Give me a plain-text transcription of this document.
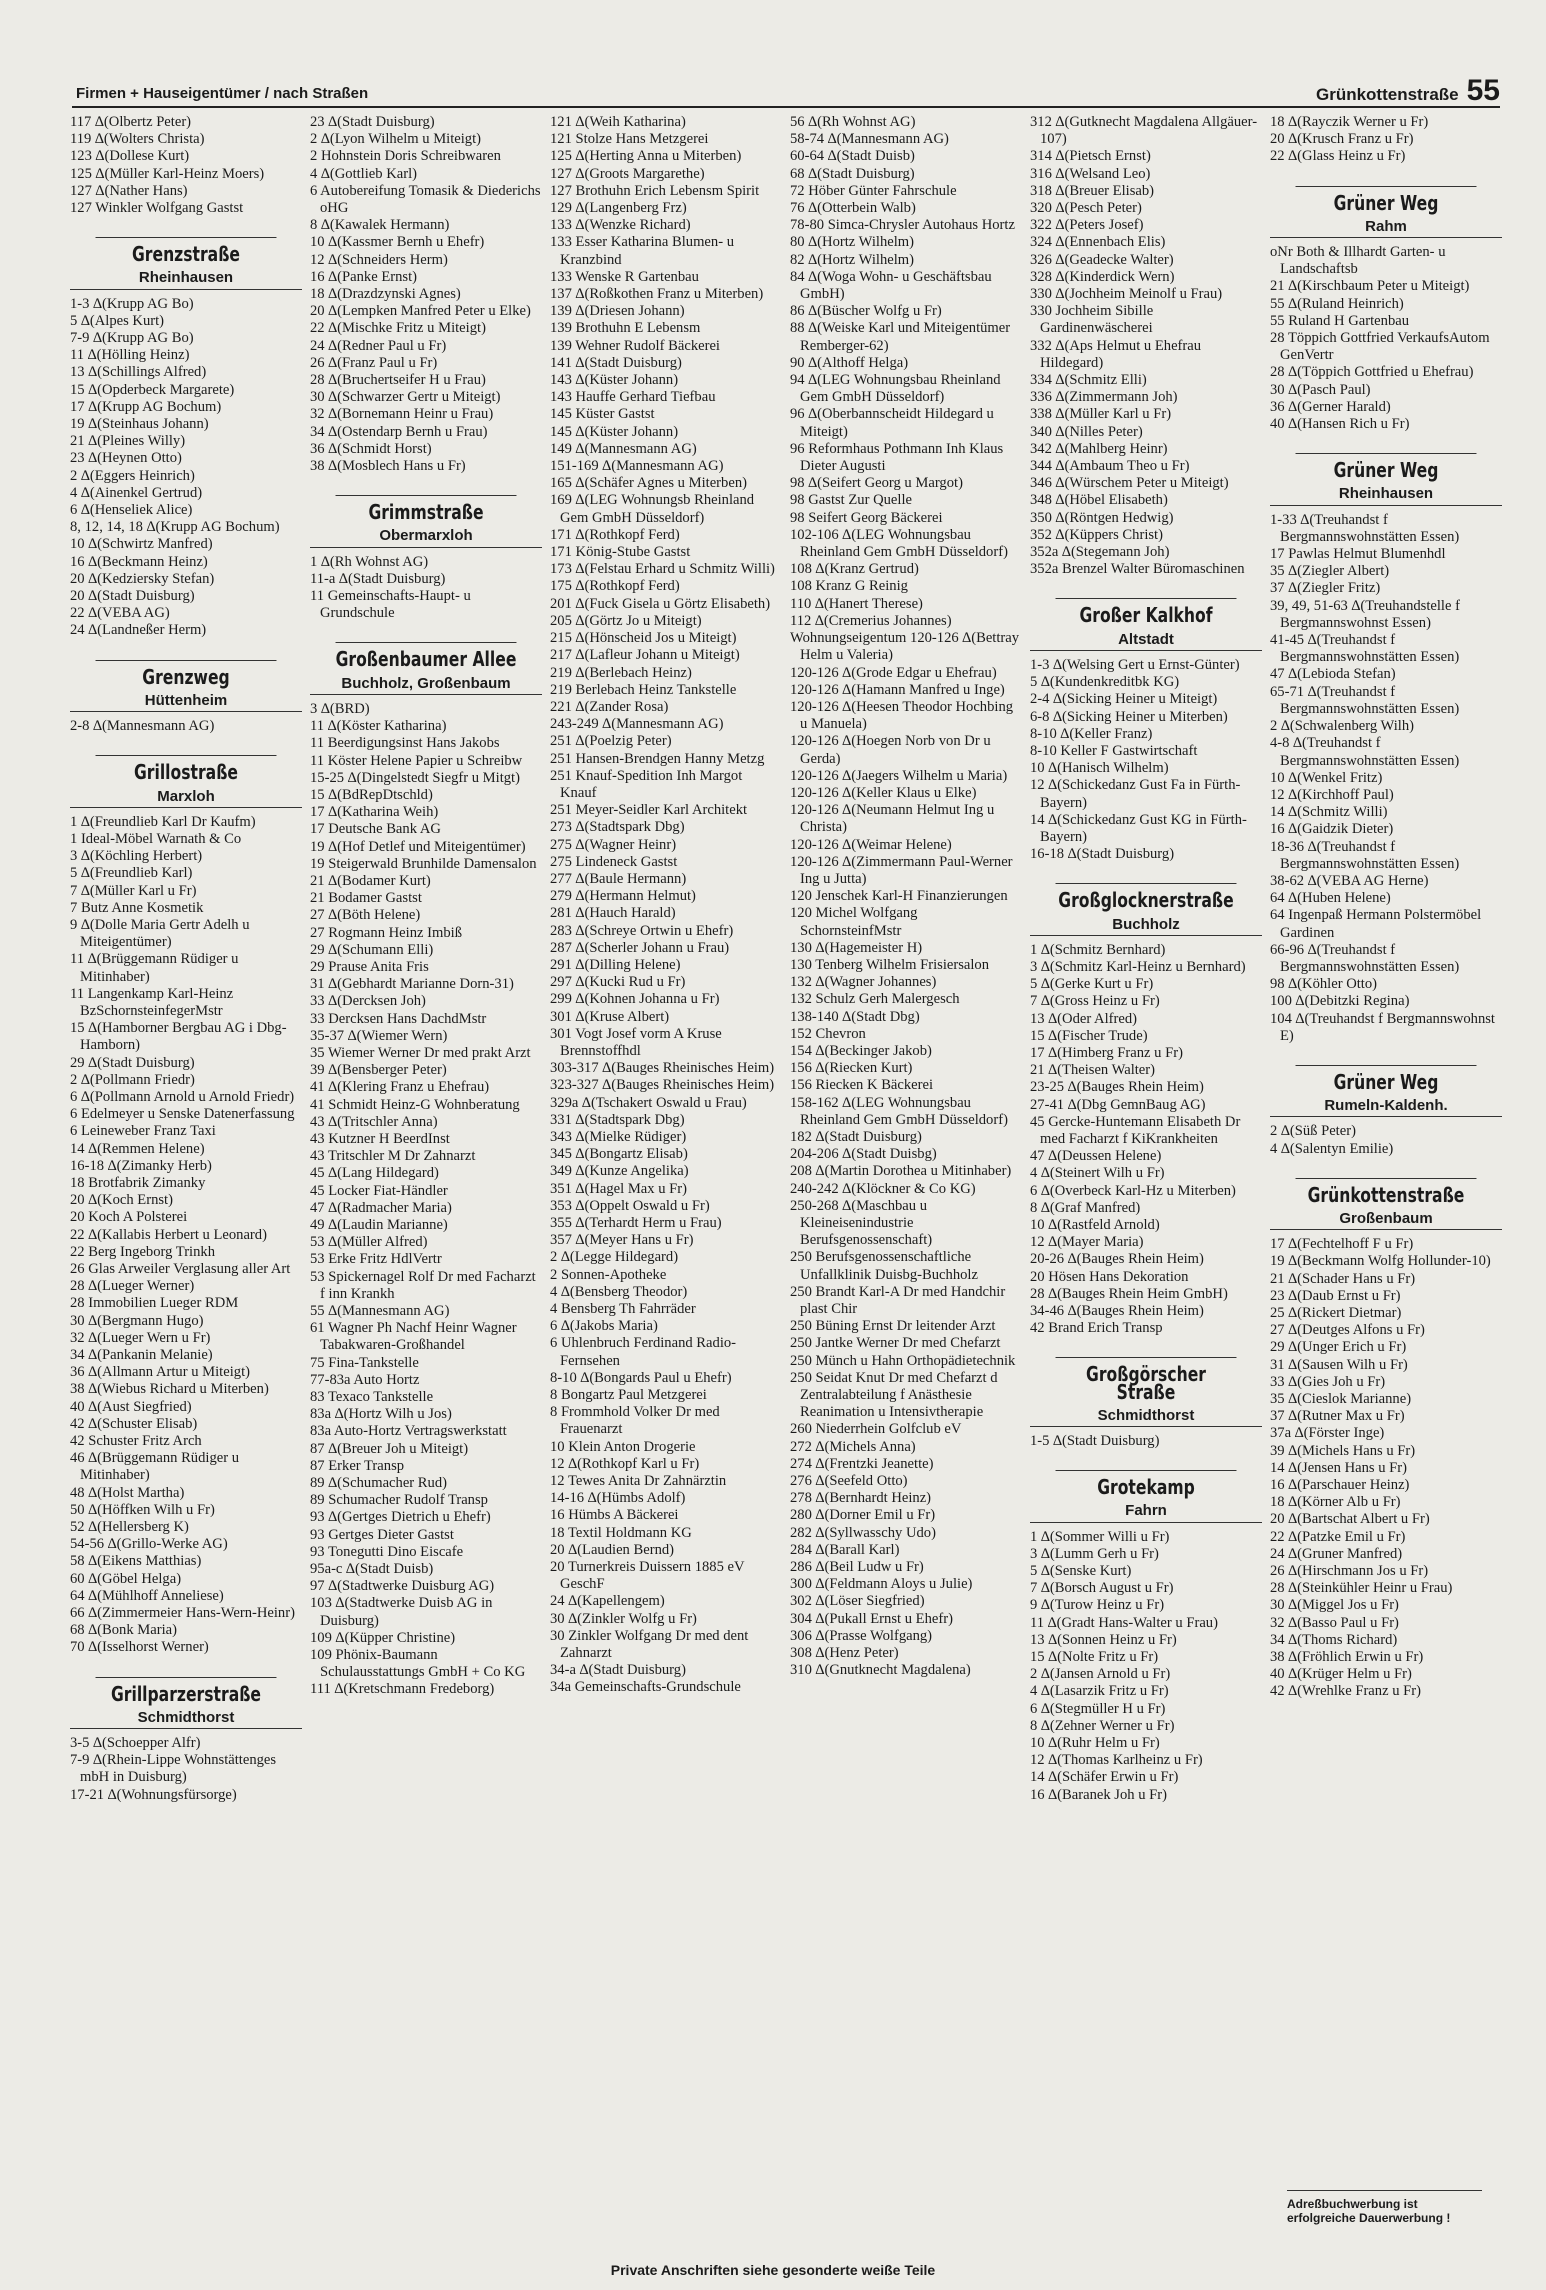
Firmen + Hauseigentümer / nach Straßen	Grünkottenstraße 55
117 ∆(Olbertz Peter)
119 ∆(Wolters Christa)
123 ∆(Dollese Kurt)
125 ∆(Müller Karl-Heinz Moers)
127 ∆(Nather Hans)
127 Winkler Wolfgang Gastst
Grenzstraße
Rheinhausen
1-3 ∆(Krupp AG Bo)
5 ∆(Alpes Kurt)
7-9 ∆(Krupp AG Bo)
11 ∆(Hölling Heinz)
13 ∆(Schillings Alfred)
15 ∆(Opderbeck Margarete)
17 ∆(Krupp AG Bochum)
19 ∆(Steinhaus Johann)
21 ∆(Pleines Willy)
23 ∆(Heynen Otto)
2 ∆(Eggers Heinrich)
4 ∆(Ainenkel Gertrud)
6 ∆(Henseliek Alice)
8, 12, 14, 18 ∆(Krupp AG Bochum)
10 ∆(Schwirtz Manfred)
16 ∆(Beckmann Heinz)
20 ∆(Kedziersky Stefan)
20 ∆(Stadt Duisburg)
22 ∆(VEBA AG)
24 ∆(Landneßer Herm)
Grenzweg
Hüttenheim
2-8 ∆(Mannesmann AG)
Grillostraße
Marxloh
1 ∆(Freundlieb Karl Dr Kaufm)
1 Ideal-Möbel Warnath & Co
3 ∆(Köchling Herbert)
5 ∆(Freundlieb Karl)
7 ∆(Müller Karl u Fr)
7 Butz Anne Kosmetik
9 ∆(Dolle Maria Gertr Adelh u Miteigentümer)
11 ∆(Brüggemann Rüdiger u Mitinhaber)
11 Langenkamp Karl-Heinz BzSchornsteinfegerMstr
15 ∆(Hamborner Bergbau AG i Dbg-Hamborn)
29 ∆(Stadt Duisburg)
2 ∆(Pollmann Friedr)
6 ∆(Pollmann Arnold u Arnold Friedr)
6 Edelmeyer u Senske Datenerfassung
6 Leineweber Franz Taxi
14 ∆(Remmen Helene)
16-18 ∆(Zimanky Herb)
18 Brotfabrik Zimanky
20 ∆(Koch Ernst)
20 Koch A Polsterei
22 ∆(Kallabis Herbert u Leonard)
22 Berg Ingeborg Trinkh
26 Glas Arweiler Verglasung aller Art
28 ∆(Lueger Werner)
28 Immobilien Lueger RDM
30 ∆(Bergmann Hugo)
32 ∆(Lueger Wern u Fr)
34 ∆(Pankanin Melanie)
36 ∆(Allmann Artur u Miteigt)
38 ∆(Wiebus Richard u Miterben)
40 ∆(Aust Siegfried)
42 ∆(Schuster Elisab)
42 Schuster Fritz Arch
46 ∆(Brüggemann Rüdiger u Mitinhaber)
48 ∆(Holst Martha)
50 ∆(Höffken Wilh u Fr)
52 ∆(Hellersberg K)
54-56 ∆(Grillo-Werke AG)
58 ∆(Eikens Matthias)
60 ∆(Göbel Helga)
64 ∆(Mühlhoff Anneliese)
66 ∆(Zimmermeier Hans-Wern-Heinr)
68 ∆(Bonk Maria)
70 ∆(Isselhorst Werner)
Grillparzerstraße
Schmidthorst
3-5 ∆(Schoepper Alfr)
7-9 ∆(Rhein-Lippe Wohnstättenges mbH in Duisburg)
17-21 ∆(Wohnungsfürsorge)
23 ∆(Stadt Duisburg)
2 ∆(Lyon Wilhelm u Miteigt)
2 Hohnstein Doris Schreibwaren
4 ∆(Gottlieb Karl)
6 Autobereifung Tomasik & Diederichs oHG
8 ∆(Kawalek Hermann)
10 ∆(Kassmer Bernh u Ehefr)
12 ∆(Schneiders Herm)
16 ∆(Panke Ernst)
18 ∆(Drazdzynski Agnes)
20 ∆(Lempken Manfred Peter u Elke)
22 ∆(Mischke Fritz u Miteigt)
24 ∆(Redner Paul u Fr)
26 ∆(Franz Paul u Fr)
28 ∆(Bruchertseifer H u Frau)
30 ∆(Schwarzer Gertr u Miteigt)
32 ∆(Bornemann Heinr u Frau)
34 ∆(Ostendarp Bernh u Frau)
36 ∆(Schmidt Horst)
38 ∆(Mosblech Hans u Fr)
Grimmstraße
Obermarxloh
1 ∆(Rh Wohnst AG)
11-a ∆(Stadt Duisburg)
11 Gemeinschafts-Haupt- u Grundschule
Großenbaumer Allee
Buchholz, Großenbaum
3 ∆(BRD)
11 ∆(Köster Katharina)
11 Beerdigungsinst Hans Jakobs
11 Köster Helene Papier u Schreibw
15-25 ∆(Dingelstedt Siegfr u Mitgt)
15 ∆(BdRepDtschld)
17 ∆(Katharina Weih)
17 Deutsche Bank AG
19 ∆(Hof Detlef und Miteigentümer)
19 Steigerwald Brunhilde Damensalon
21 ∆(Bodamer Kurt)
21 Bodamer Gastst
27 ∆(Böth Helene)
27 Rogmann Heinz Imbiß
29 ∆(Schumann Elli)
29 Prause Anita Fris
31 ∆(Gebhardt Marianne Dorn-31)
33 ∆(Dercksen Joh)
33 Dercksen Hans DachdMstr
35-37 ∆(Wiemer Wern)
35 Wiemer Werner Dr med prakt Arzt
39 ∆(Bensberger Peter)
41 ∆(Klering Franz u Ehefrau)
41 Schmidt Heinz-G Wohnberatung
43 ∆(Tritschler Anna)
43 Kutzner H BeerdInst
43 Tritschler M Dr Zahnarzt
45 ∆(Lang Hildegard)
45 Locker Fiat-Händler
47 ∆(Radmacher Maria)
49 ∆(Laudin Marianne)
53 ∆(Müller Alfred)
53 Erke Fritz HdlVertr
53 Spickernagel Rolf Dr med Facharzt f inn Krankh
55 ∆(Mannesmann AG)
61 Wagner Ph Nachf Heinr Wagner Tabakwaren-Großhandel
75 Fina-Tankstelle
77-83a Auto Hortz
83 Texaco Tankstelle
83a ∆(Hortz Wilh u Jos)
83a Auto-Hortz Vertragswerkstatt
87 ∆(Breuer Joh u Miteigt)
87 Erker Transp
89 ∆(Schumacher Rud)
89 Schumacher Rudolf Transp
93 ∆(Gertges Dietrich u Ehefr)
93 Gertges Dieter Gastst
93 Tonegutti Dino Eiscafe
95a-c ∆(Stadt Duisb)
97 ∆(Stadtwerke Duisburg AG)
103 ∆(Stadtwerke Duisb AG in Duisburg)
109 ∆(Küpper Christine)
109 Phönix-Baumann Schulausstattungs GmbH + Co KG
111 ∆(Kretschmann Fredeborg)
121 ∆(Weih Katharina)
121 Stolze Hans Metzgerei
125 ∆(Herting Anna u Miterben)
127 ∆(Groots Margarethe)
127 Brothuhn Erich Lebensm Spirit
129 ∆(Langenberg Frz)
133 ∆(Wenzke Richard)
133 Esser Katharina Blumen- u Kranzbind
133 Wenske R Gartenbau
137 ∆(Roßkothen Franz u Miterben)
139 ∆(Driesen Johann)
139 Brothuhn E Lebensm
139 Wehner Rudolf Bäckerei
141 ∆(Stadt Duisburg)
143 ∆(Küster Johann)
143 Hauffe Gerhard Tiefbau
145 Küster Gastst
145 ∆(Küster Johann)
149 ∆(Mannesmann AG)
151-169 ∆(Mannesmann AG)
165 ∆(Schäfer Agnes u Miterben)
169 ∆(LEG Wohnungsb Rheinland Gem GmbH Düsseldorf)
171 ∆(Rothkopf Ferd)
171 König-Stube Gastst
173 ∆(Felstau Erhard u Schmitz Willi)
175 ∆(Rothkopf Ferd)
201 ∆(Fuck Gisela u Görtz Elisabeth)
205 ∆(Görtz Jo u Miteigt)
215 ∆(Hönscheid Jos u Miteigt)
217 ∆(Lafleur Johann u Miteigt)
219 ∆(Berlebach Heinz)
219 Berlebach Heinz Tankstelle
221 ∆(Zander Rosa)
243-249 ∆(Mannesmann AG)
251 ∆(Poelzig Peter)
251 Hansen-Brendgen Hanny Metzg
251 Knauf-Spedition Inh Margot Knauf
251 Meyer-Seidler Karl Architekt
273 ∆(Stadtspark Dbg)
275 ∆(Wagner Heinr)
275 Lindeneck Gastst
277 ∆(Baule Hermann)
279 ∆(Hermann Helmut)
281 ∆(Hauch Harald)
283 ∆(Schreye Ortwin u Ehefr)
287 ∆(Scherler Johann u Frau)
291 ∆(Dilling Helene)
297 ∆(Kucki Rud u Fr)
299 ∆(Kohnen Johanna u Fr)
301 ∆(Kruse Albert)
301 Vogt Josef vorm A Kruse Brennstoffhdl
303-317 ∆(Bauges Rheinisches Heim)
323-327 ∆(Bauges Rheinisches Heim)
329a ∆(Tschakert Oswald u Frau)
331 ∆(Stadtspark Dbg)
343 ∆(Mielke Rüdiger)
345 ∆(Bongartz Elisab)
349 ∆(Kunze Angelika)
351 ∆(Hagel Max u Fr)
353 ∆(Oppelt Oswald u Fr)
355 ∆(Terhardt Herm u Frau)
357 ∆(Meyer Hans u Fr)
2 ∆(Legge Hildegard)
2 Sonnen-Apotheke
4 ∆(Bensberg Theodor)
4 Bensberg Th Fahrräder
6 ∆(Jakobs Maria)
6 Uhlenbruch Ferdinand Radio-Fernsehen
8-10 ∆(Bongards Paul u Ehefr)
8 Bongartz Paul Metzgerei
8 Frommhold Volker Dr med Frauenarzt
10 Klein Anton Drogerie
12 ∆(Rothkopf Karl u Fr)
12 Tewes Anita Dr Zahnärztin
14-16 ∆(Hümbs Adolf)
16 Hümbs A Bäckerei
18 Textil Holdmann KG
20 ∆(Laudien Bernd)
20 Turnerkreis Duissern 1885 eV GeschF
24 ∆(Kapellengem)
30 ∆(Zinkler Wolfg u Fr)
30 Zinkler Wolfgang Dr med dent Zahnarzt
34-a ∆(Stadt Duisburg)
34a Gemeinschafts-Grundschule
56 ∆(Rh Wohnst AG)
58-74 ∆(Mannesmann AG)
60-64 ∆(Stadt Duisb)
68 ∆(Stadt Duisburg)
72 Höber Günter Fahrschule
76 ∆(Otterbein Walb)
78-80 Simca-Chrysler Autohaus Hortz
80 ∆(Hortz Wilhelm)
82 ∆(Hortz Wilhelm)
84 ∆(Woga Wohn- u Geschäftsbau GmbH)
86 ∆(Büscher Wolfg u Fr)
88 ∆(Weiske Karl und Miteigentümer Remberger-62)
90 ∆(Althoff Helga)
94 ∆(LEG Wohnungsbau Rheinland Gem GmbH Düsseldorf)
96 ∆(Oberbannscheidt Hildegard u Miteigt)
96 Reformhaus Pothmann Inh Klaus Dieter Augusti
98 ∆(Seifert Georg u Margot)
98 Gastst Zur Quelle
98 Seifert Georg Bäckerei
102-106 ∆(LEG Wohnungsbau Rheinland Gem GmbH Düsseldorf)
108 ∆(Kranz Gertrud)
108 Kranz G Reinig
110 ∆(Hanert Therese)
112 ∆(Cremerius Johannes)
Wohnungseigentum 120-126 ∆(Bettray Helm u Valeria)
120-126 ∆(Grode Edgar u Ehefrau)
120-126 ∆(Hamann Manfred u Inge)
120-126 ∆(Heesen Theodor Hochbing u Manuela)
120-126 ∆(Hoegen Norb von Dr u Gerda)
120-126 ∆(Jaegers Wilhelm u Maria)
120-126 ∆(Keller Klaus u Elke)
120-126 ∆(Neumann Helmut Ing u Christa)
120-126 ∆(Weimar Helene)
120-126 ∆(Zimmermann Paul-Werner Ing u Jutta)
120 Jenschek Karl-H Finanzierungen
120 Michel Wolfgang SchornsteinfMstr
130 ∆(Hagemeister H)
130 Tenberg Wilhelm Frisiersalon
132 ∆(Wagner Johannes)
132 Schulz Gerh Malergesch
138-140 ∆(Stadt Dbg)
152 Chevron
154 ∆(Beckinger Jakob)
156 ∆(Riecken Kurt)
156 Riecken K Bäckerei
158-162 ∆(LEG Wohnungsbau Rheinland Gem GmbH Düsseldorf)
182 ∆(Stadt Duisburg)
204-206 ∆(Stadt Duisbg)
208 ∆(Martin Dorothea u Mitinhaber)
240-242 ∆(Klöckner & Co KG)
250-268 ∆(Maschbau u Kleineisenindustrie Berufsgenossenschaft)
250 Berufsgenossenschaftliche Unfallklinik Duisbg-Buchholz
250 Brandt Karl-A Dr med Handchir plast Chir
250 Büning Ernst Dr leitender Arzt
250 Jantke Werner Dr med Chefarzt
250 Münch u Hahn Orthopädietechnik
250 Seidat Knut Dr med Chefarzt d Zentralabteilung f Anästhesie Reanimation u Intensivtherapie
260 Niederrhein Golfclub eV
272 ∆(Michels Anna)
274 ∆(Frentzki Jeanette)
276 ∆(Seefeld Otto)
278 ∆(Bernhardt Heinz)
280 ∆(Dorner Emil u Fr)
282 ∆(Syllwasschy Udo)
284 ∆(Barall Karl)
286 ∆(Beil Ludw u Fr)
300 ∆(Feldmann Aloys u Julie)
302 ∆(Löser Siegfried)
304 ∆(Pukall Ernst u Ehefr)
306 ∆(Prasse Wolfgang)
308 ∆(Henz Peter)
310 ∆(Gnutknecht Magdalena)
312 ∆(Gutknecht Magdalena Allgäuer-107)
314 ∆(Pietsch Ernst)
316 ∆(Welsand Leo)
318 ∆(Breuer Elisab)
320 ∆(Pesch Peter)
322 ∆(Peters Josef)
324 ∆(Ennenbach Elis)
326 ∆(Geadecke Walter)
328 ∆(Kinderdick Wern)
330 ∆(Jochheim Meinolf u Frau)
330 Jochheim Sibille Gardinenwäscherei
332 ∆(Aps Helmut u Ehefrau Hildegard)
334 ∆(Schmitz Elli)
336 ∆(Zimmermann Joh)
338 ∆(Müller Karl u Fr)
340 ∆(Nilles Peter)
342 ∆(Mahlberg Heinr)
344 ∆(Ambaum Theo u Fr)
346 ∆(Würschem Peter u Miteigt)
348 ∆(Höbel Elisabeth)
350 ∆(Röntgen Hedwig)
352 ∆(Küppers Christ)
352a ∆(Stegemann Joh)
352a Brenzel Walter Büromaschinen
Großer Kalkhof
Altstadt
1-3 ∆(Welsing Gert u Ernst-Günter)
5 ∆(Kundenkreditbk KG)
2-4 ∆(Sicking Heiner u Miteigt)
6-8 ∆(Sicking Heiner u Miterben)
8-10 ∆(Keller Franz)
8-10 Keller F Gastwirtschaft
10 ∆(Hanisch Wilhelm)
12 ∆(Schickedanz Gust Fa in Fürth-Bayern)
14 ∆(Schickedanz Gust KG in Fürth-Bayern)
16-18 ∆(Stadt Duisburg)
Großglocknerstraße
Buchholz
1 ∆(Schmitz Bernhard)
3 ∆(Schmitz Karl-Heinz u Bernhard)
5 ∆(Gerke Kurt u Fr)
7 ∆(Gross Heinz u Fr)
13 ∆(Oder Alfred)
15 ∆(Fischer Trude)
17 ∆(Himberg Franz u Fr)
21 ∆(Theisen Walter)
23-25 ∆(Bauges Rhein Heim)
27-41 ∆(Dbg GemnBaug AG)
45 Gercke-Huntemann Elisabeth Dr med Facharzt f KiKrankheiten
47 ∆(Deussen Helene)
4 ∆(Steinert Wilh u Fr)
6 ∆(Overbeck Karl-Hz u Miterben)
8 ∆(Graf Manfred)
10 ∆(Rastfeld Arnold)
12 ∆(Mayer Maria)
20-26 ∆(Bauges Rhein Heim)
20 Hösen Hans Dekoration
28 ∆(Bauges Rhein Heim GmbH)
34-46 ∆(Bauges Rhein Heim)
42 Brand Erich Transp
Großgörscher Straße
Schmidthorst
1-5 ∆(Stadt Duisburg)
Grotekamp
Fahrn
1 ∆(Sommer Willi u Fr)
3 ∆(Lumm Gerh u Fr)
5 ∆(Senske Kurt)
7 ∆(Borsch August u Fr)
9 ∆(Turow Heinz u Fr)
11 ∆(Gradt Hans-Walter u Frau)
13 ∆(Sonnen Heinz u Fr)
15 ∆(Nolte Fritz u Fr)
2 ∆(Jansen Arnold u Fr)
4 ∆(Lasarzik Fritz u Fr)
6 ∆(Stegmüller H u Fr)
8 ∆(Zehner Werner u Fr)
10 ∆(Ruhr Helm u Fr)
12 ∆(Thomas Karlheinz u Fr)
14 ∆(Schäfer Erwin u Fr)
16 ∆(Baranek Joh u Fr)
18 ∆(Rayczik Werner u Fr)
20 ∆(Krusch Franz u Fr)
22 ∆(Glass Heinz u Fr)
Grüner Weg
Rahm
oNr Both & Illhardt Garten- u Landschaftsb
21 ∆(Kirschbaum Peter u Miteigt)
55 ∆(Ruland Heinrich)
55 Ruland H Gartenbau
28 Töppich Gottfried VerkaufsAutom GenVertr
28 ∆(Töppich Gottfried u Ehefrau)
30 ∆(Pasch Paul)
36 ∆(Gerner Harald)
40 ∆(Hansen Rich u Fr)
Grüner Weg
Rheinhausen
1-33 ∆(Treuhandst f Bergmannswohnstätten Essen)
17 Pawlas Helmut Blumenhdl
35 ∆(Ziegler Albert)
37 ∆(Ziegler Fritz)
39, 49, 51-63 ∆(Treuhandstelle f Bergmannswohnst Essen)
41-45 ∆(Treuhandst f Bergmannswohnstätten Essen)
47 ∆(Lebioda Stefan)
65-71 ∆(Treuhandst f Bergmannswohnstätten Essen)
2 ∆(Schwalenberg Wilh)
4-8 ∆(Treuhandst f Bergmannswohnstätten Essen)
10 ∆(Wenkel Fritz)
12 ∆(Kirchhoff Paul)
14 ∆(Schmitz Willi)
16 ∆(Gaidzik Dieter)
18-36 ∆(Treuhandst f Bergmannswohnstätten Essen)
38-62 ∆(VEBA AG Herne)
64 ∆(Huben Helene)
64 Ingenpaß Hermann Polstermöbel Gardinen
66-96 ∆(Treuhandst f Bergmannswohnstätten Essen)
98 ∆(Köhler Otto)
100 ∆(Debitzki Regina)
104 ∆(Treuhandst f Bergmannswohnst E)
Grüner Weg
Rumeln-Kaldenh.
2 ∆(Süß Peter)
4 ∆(Salentyn Emilie)
Grünkottenstraße
Großenbaum
17 ∆(Fechtelhoff F u Fr)
19 ∆(Beckmann Wolfg Hollunder-10)
21 ∆(Schader Hans u Fr)
23 ∆(Daub Ernst u Fr)
25 ∆(Rickert Dietmar)
27 ∆(Deutges Alfons u Fr)
29 ∆(Unger Erich u Fr)
31 ∆(Sausen Wilh u Fr)
33 ∆(Gies Joh u Fr)
35 ∆(Cieslok Marianne)
37 ∆(Rutner Max u Fr)
37a ∆(Förster Inge)
39 ∆(Michels Hans u Fr)
14 ∆(Jensen Hans u Fr)
16 ∆(Parschauer Heinz)
18 ∆(Körner Alb u Fr)
20 ∆(Bartschat Albert u Fr)
22 ∆(Patzke Emil u Fr)
24 ∆(Gruner Manfred)
26 ∆(Hirschmann Jos u Fr)
28 ∆(Steinkühler Heinr u Frau)
30 ∆(Miggel Jos u Fr)
32 ∆(Basso Paul u Fr)
34 ∆(Thoms Richard)
38 ∆(Fröhlich Erwin u Fr)
40 ∆(Krüger Helm u Fr)
42 ∆(Wrehlke Franz u Fr)
Adreßbuchwerbung ist erfolgreiche Dauerwerbung !
Private Anschriften siehe gesonderte weiße Teile
